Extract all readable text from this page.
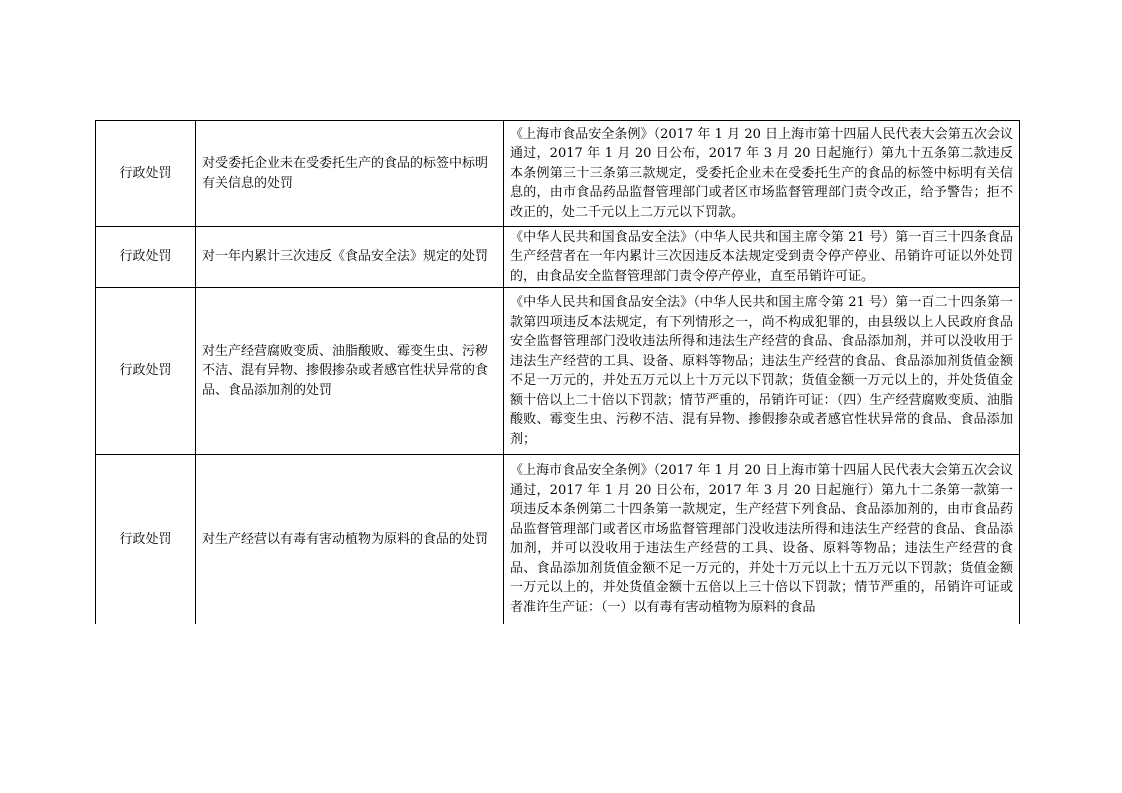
行政处罚	对受委托企业未在受委托生产的食品的标签中标明有关信息的处罚	《上海市食品安全条例》（2017 年 1 月 20 日上海市第十四届人民代表大会第五次会议通过，2017 年 1 月 20 日公布，2017 年 3 月 20 日起施行）第九十五条第二款违反本条例第三十三条第三款规定，受委托企业未在受委托生产的食品的标签中标明有关信息的，由市食品药品监督管理部门或者区市场监督管理部门责令改正，给予警告；拒不改正的，处二千元以上二万元以下罚款。
行政处罚	对一年内累计三次违反《食品安全法》规定的处罚	《中华人民共和国食品安全法》（中华人民共和国主席令第 21 号）第一百三十四条食品生产经营者在一年内累计三次因违反本法规定受到责令停产停业、吊销许可证以外处罚的，由食品安全监督管理部门责令停产停业，直至吊销许可证。
行政处罚	对生产经营腐败变质、油脂酸败、霉变生虫、污秽不洁、混有异物、掺假掺杂或者感官性状异常的食品、食品添加剂的处罚	《中华人民共和国食品安全法》（中华人民共和国主席令第 21 号）第一百二十四条第一款第四项违反本法规定，有下列情形之一，尚不构成犯罪的，由县级以上人民政府食品安全监督管理部门没收违法所得和违法生产经营的食品、食品添加剂，并可以没收用于违法生产经营的工具、设备、原料等物品；违法生产经营的食品、食品添加剂货值金额不足一万元的，并处五万元以上十万元以下罚款；货值金额一万元以上的，并处货值金额十倍以上二十倍以下罚款；情节严重的，吊销许可证：（四）生产经营腐败变质、油脂酸败、霉变生虫、污秽不洁、混有异物、掺假掺杂或者感官性状异常的食品、食品添加剂；
行政处罚	对生产经营以有毒有害动植物为原料的食品的处罚	《上海市食品安全条例》（2017 年 1 月 20 日上海市第十四届人民代表大会第五次会议通过，2017 年 1 月 20 日公布，2017 年 3 月 20 日起施行）第九十二条第一款第一项违反本条例第二十四条第一款规定，生产经营下列食品、食品添加剂的，由市食品药品监督管理部门或者区市场监督管理部门没收违法所得和违法生产经营的食品、食品添加剂，并可以没收用于违法生产经营的工具、设备、原料等物品；违法生产经营的食品、食品添加剂货值金额不足一万元的，并处十万元以上十五万元以下罚款；货值金额一万元以上的，并处货值金额十五倍以上三十倍以下罚款；情节严重的，吊销许可证或者准许生产证：（一）以有毒有害动植物为原料的食品
